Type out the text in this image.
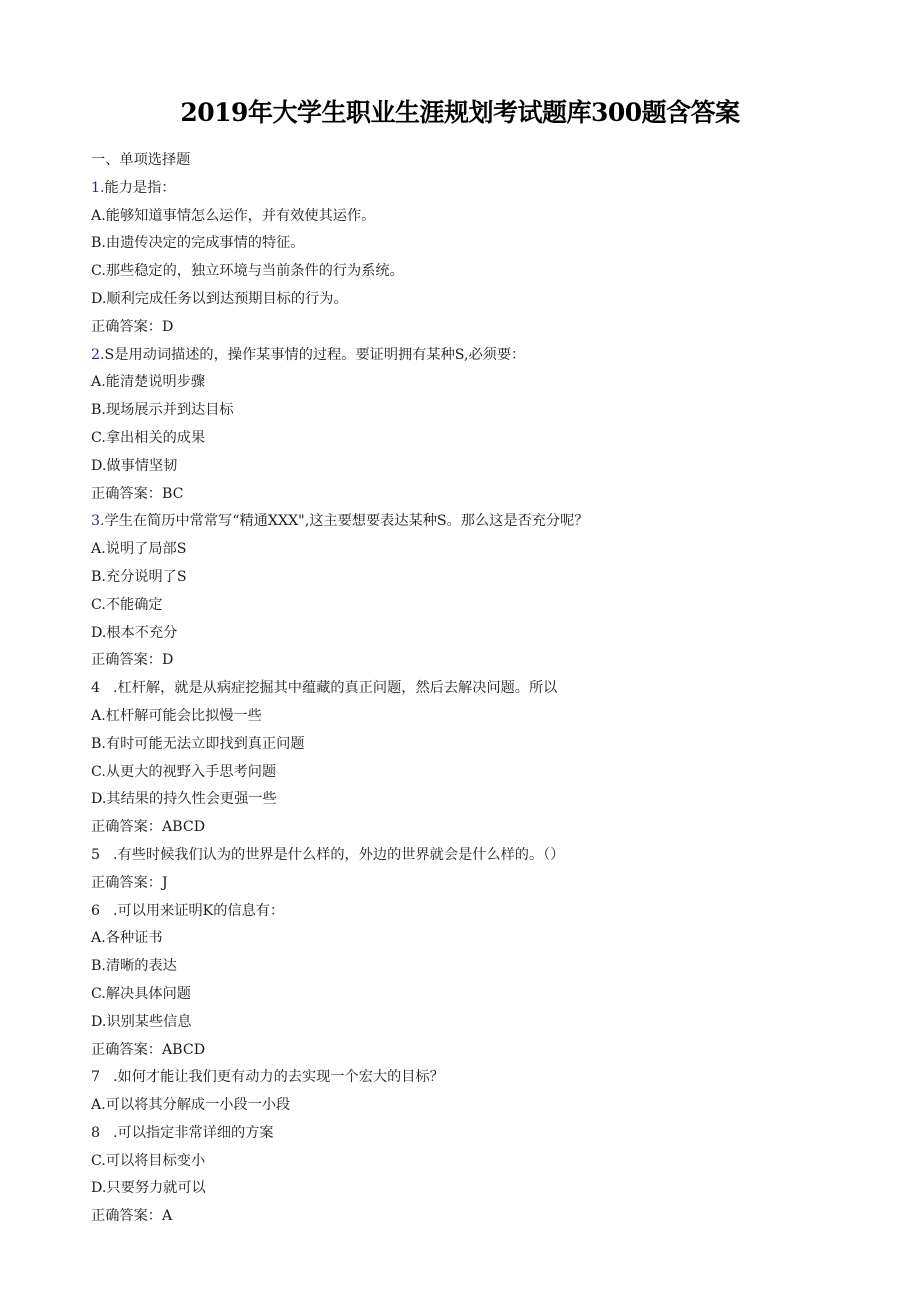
2019年大学生职业生涯规划考试题库300题含答案
一、单项选择题
1.能力是指：
A.能够知道事情怎么运作，并有效使其运作。
B.由遗传决定的完成事情的特征。
C.那些稳定的，独立环境与当前条件的行为系统。
D.顺利完成任务以到达预期目标的行为。
正确答案：D
2.S是用动词描述的，操作某事情的过程。要证明拥有某种S,必须要：
A.能清楚说明步骤
B.现场展示并到达目标
C.拿出相关的成果
D.做事情坚韧
正确答案：BC
3.学生在简历中常常写“精通XXX",这主要想要表达某种S。那么这是否充分呢？
A.说明了局部S
B.充分说明了S
C.不能确定
D.根本不充分
正确答案：D
4 .杠杆解，就是从病症挖掘其中蕴藏的真正问题，然后去解决问题。所以
A.杠杆解可能会比拟慢一些
B.有时可能无法立即找到真正问题
C.从更大的视野入手思考问题
D.其结果的持久性会更强一些
正确答案：ABCD
5 .有些时候我们认为的世界是什么样的，外边的世界就会是什么样的。（）
正确答案：J
6 .可以用来证明K的信息有：
A.各种证书
B.清晰的表达
C.解决具体问题
D.识别某些信息
正确答案：ABCD
7 .如何才能让我们更有动力的去实现一个宏大的目标？
A.可以将其分解成一小段一小段
8 .可以指定非常详细的方案
C.可以将目标变小
D.只要努力就可以
正确答案：A
